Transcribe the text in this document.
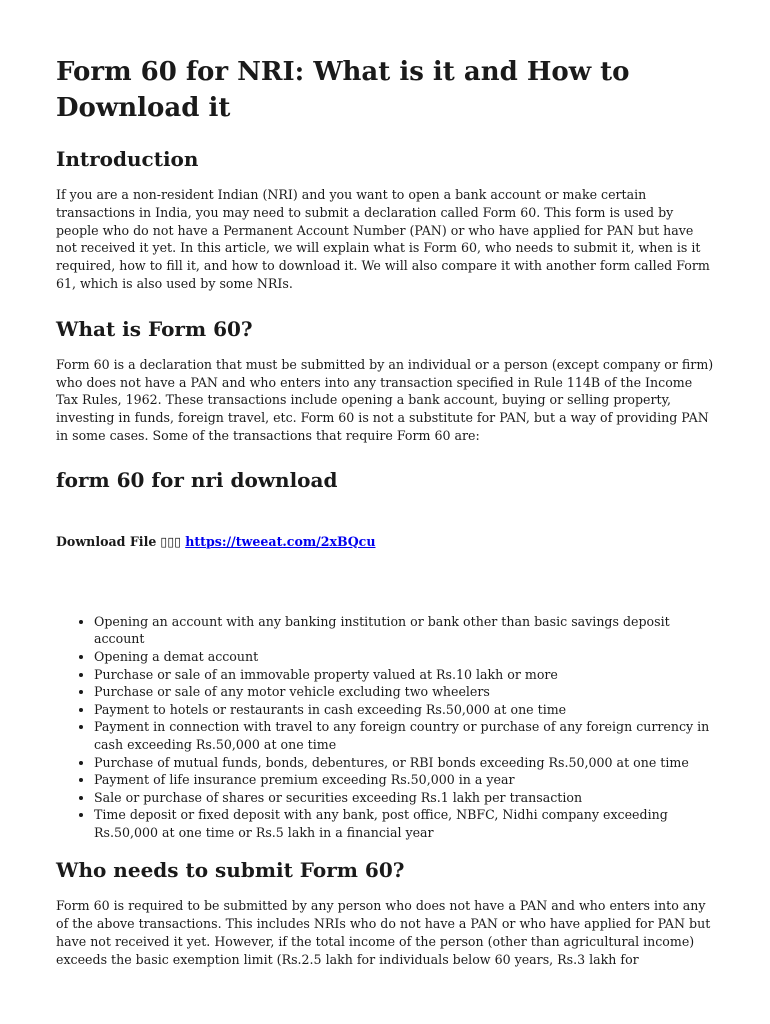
Form 60 for NRI: What is it and How to Download it
Introduction

If you are a non-resident Indian (NRI) and you want to open a bank account or make certain transactions in India, you may need to submit a declaration called Form 60. This form is used by people who do not have a Permanent Account Number (PAN) or who have applied for PAN but have not received it yet. In this article, we will explain what is Form 60, who needs to submit it, when is it required, how to fill it, and how to download it. We will also compare it with another form called Form 61, which is also used by some NRIs.

What is Form 60?

Form 60 is a declaration that must be submitted by an individual or a person (except company or firm) who does not have a PAN and who enters into any transaction specified in Rule 114B of the Income Tax Rules, 1962. These transactions include opening a bank account, buying or selling property, investing in funds, foreign travel, etc. Form 60 is not a substitute for PAN, but a way of providing PAN in some cases. Some of the transactions that require Form 60 are:

form 60 for nri download
Download File ▯▯▯ https://tweeat.com/2xBQcu
• Opening an account with any banking institution or bank other than basic savings deposit account
• Opening a demat account
• Purchase or sale of an immovable property valued at Rs.10 lakh or more
• Purchase or sale of any motor vehicle excluding two wheelers
• Payment to hotels or restaurants in cash exceeding Rs.50,000 at one time
• Payment in connection with travel to any foreign country or purchase of any foreign currency in cash exceeding Rs.50,000 at one time
• Purchase of mutual funds, bonds, debentures, or RBI bonds exceeding Rs.50,000 at one time
• Payment of life insurance premium exceeding Rs.50,000 in a year
• Sale or purchase of shares or securities exceeding Rs.1 lakh per transaction
• Time deposit or fixed deposit with any bank, post office, NBFC, Nidhi company exceeding Rs.50,000 at one time or Rs.5 lakh in a financial year
Who needs to submit Form 60?

Form 60 is required to be submitted by any person who does not have a PAN and who enters into any of the above transactions. This includes NRIs who do not have a PAN or who have applied for PAN but have not received it yet. However, if the total income of the person (other than agricultural income) exceeds the basic exemption limit (Rs.2.5 lakh for individuals below 60 years, Rs.3 lakh for
